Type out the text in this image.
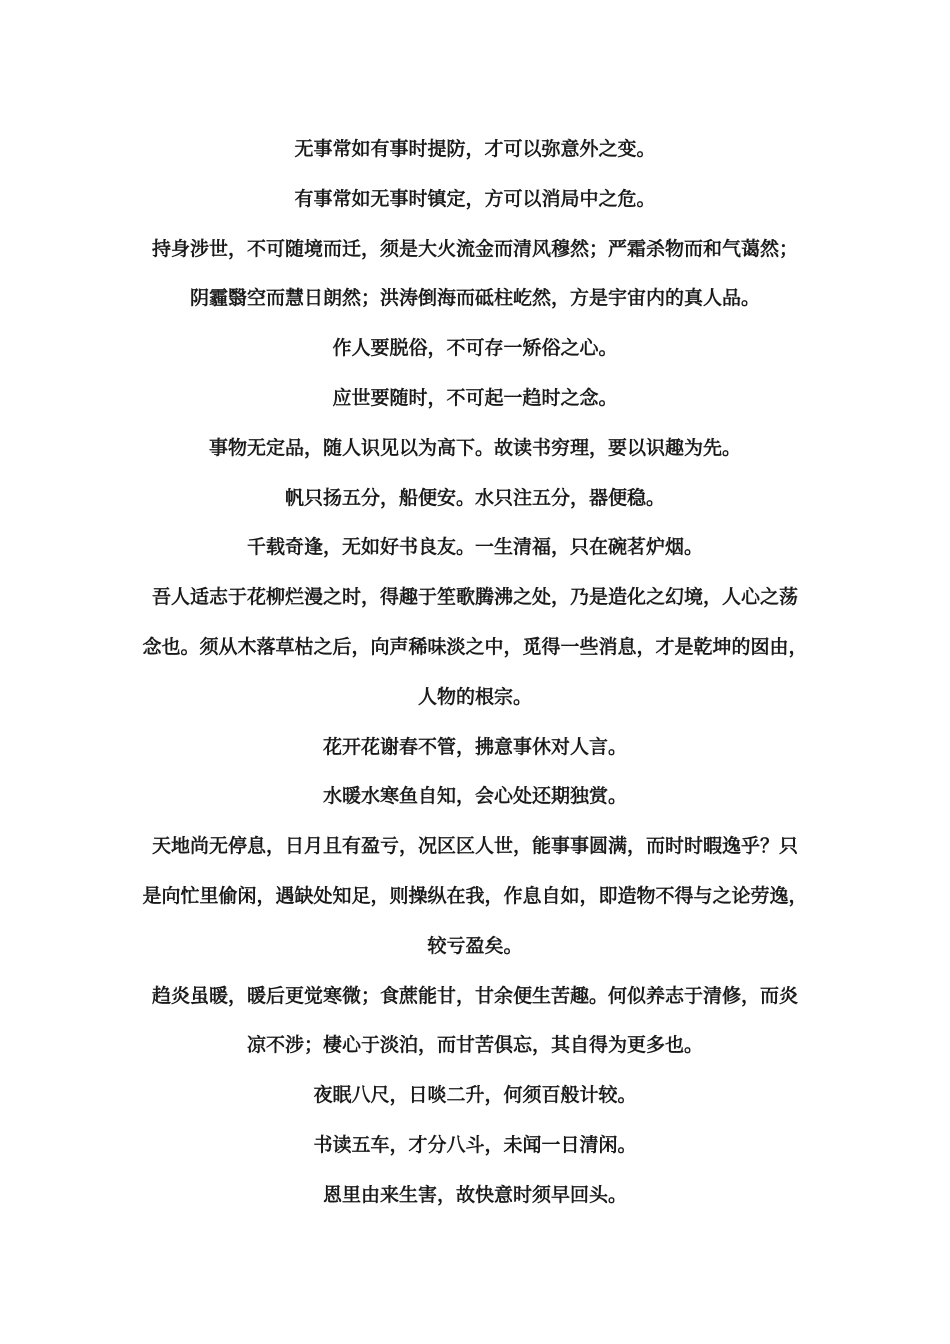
无事常如有事时提防，才可以弥意外之变。
有事常如无事时镇定，方可以消局中之危。
持身涉世，不可随境而迁，须是大火流金而清风穆然；严霜杀物而和气蔼然；
阴霾翳空而慧日朗然；洪涛倒海而砥柱屹然，方是宇宙内的真人品。
作人要脱俗，不可存一矫俗之心。
应世要随时，不可起一趋时之念。
事物无定品，随人识见以为高下。故读书穷理，要以识趣为先。
帆只扬五分，船便安。水只注五分，器便稳。
千载奇逢，无如好书良友。一生清福，只在碗茗炉烟。
吾人适志于花柳烂漫之时，得趣于笙歌腾沸之处，乃是造化之幻境，人心之荡
念也。须从木落草枯之后，向声稀味淡之中，觅得一些消息，才是乾坤的囡由，
人物的根宗。
花开花谢春不管，拂意事休对人言。
水暖水寒鱼自知，会心处还期独赏。
天地尚无停息，日月且有盈亏，况区区人世，能事事圆满，而时时暇逸乎？只
是向忙里偷闲，遇缺处知足，则操纵在我，作息自如，即造物不得与之论劳逸，
较亏盈矣。
趋炎虽暖，暖后更觉寒微；食蔗能甘，甘余便生苦趣。何似养志于清修，而炎
凉不涉；棲心于淡泊，而甘苦俱忘，其自得为更多也。
夜眠八尺，日啖二升，何须百般计较。
书读五车，才分八斗，未闻一日清闲。
恩里由来生害，故快意时须早回头。
